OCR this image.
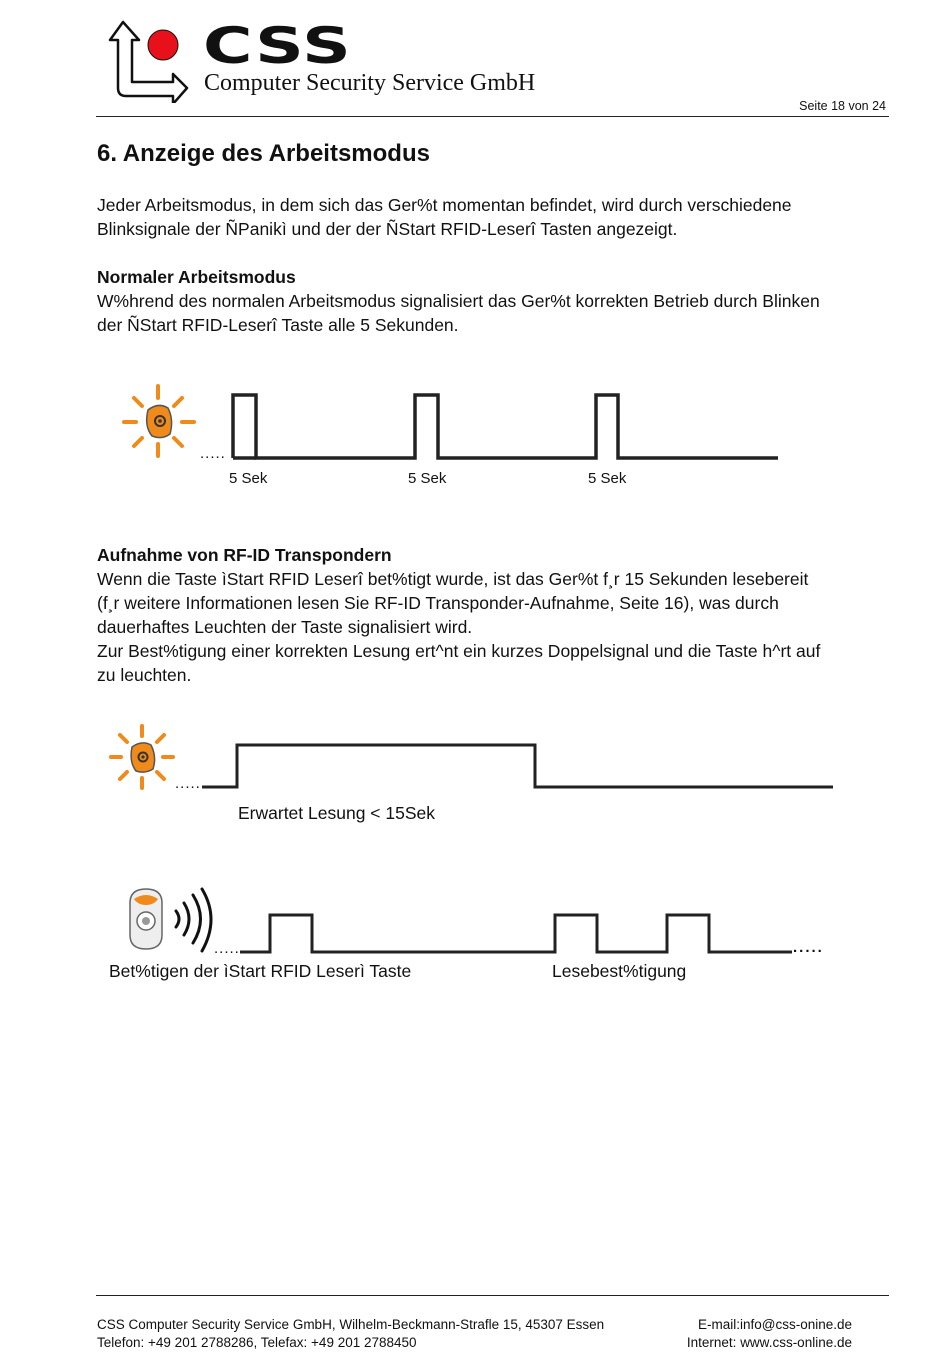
CSS
Computer Security Service GmbH
Seite 18 von 24
6. Anzeige des Arbeitsmodus

Jeder Arbeitsmodus, in dem sich das Ger%t momentan befindet, wird durch verschiedene

Blinksignale der ÑPanikì und der der ÑStart RFID-Leserî Tasten angezeigt.

Normaler Arbeitsmodus

W%hrend des normalen Arbeitsmodus signalisiert das Ger%t korrekten Betrieb durch Blinken

der ÑStart RFID-Leserî Taste alle 5 Sekunden.

.....
5 Sek	5 Sek	5 Sek

Aufnahme von RF-ID Transpondern

Wenn die Taste ìStart RFID Leserî bet%tigt wurde, ist das Ger%t f¸r 15 Sekunden lesebereit

(f¸r weitere Informationen lesen Sie RF-ID Transponder-Aufnahme, Seite 16), was durch

dauerhaftes Leuchten der Taste signalisiert wird.

Zur Best%tigung einer korrekten Lesung ert^nt ein kurzes Doppelsignal und die Taste h^rt auf

zu leuchten.

.....
Erwartet Lesung < 15Sek
.....	.....
Bet%tigen der ìStart RFID Leserì Taste	Lesebest%tigung
CSS Computer Security Service GmbH, Wilhelm-Beckmann-Strafle 15, 45307 Essen	E-mail:info@css-onine.de
Telefon: +49 201 2788286, Telefax: +49 201 2788450	Internet: www.css-online.de
